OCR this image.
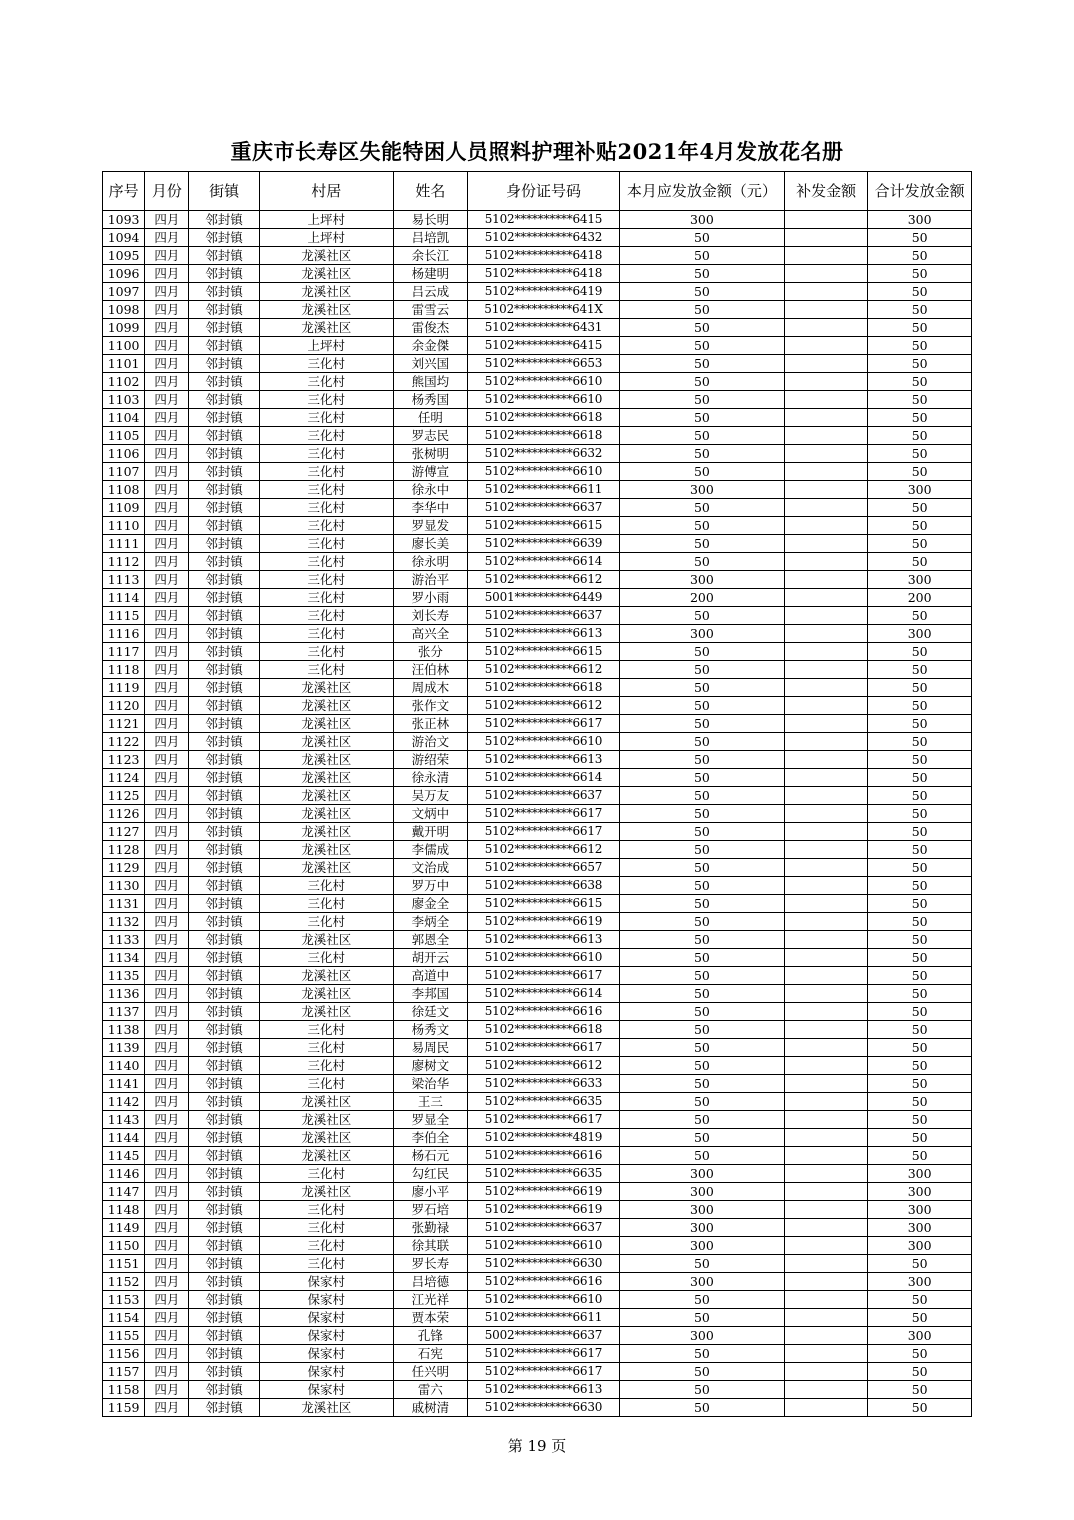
重庆市长寿区失能特困人员照料护理补贴2021年4月发放花名册
序号	月份	街镇	村居	姓名	身份证号码	本月应发放金额（元）	补发金额	合计发放金额
1093	四月	邻封镇	上坪村	易长明	5102**********6415	300		300
1094	四月	邻封镇	上坪村	吕培凯	5102**********6432	50		50
1095	四月	邻封镇	龙溪社区	余长江	5102**********6418	50		50
1096	四月	邻封镇	龙溪社区	杨建明	5102**********6418	50		50
1097	四月	邻封镇	龙溪社区	吕云成	5102**********6419	50		50
1098	四月	邻封镇	龙溪社区	雷雪云	5102**********641X	50		50
1099	四月	邻封镇	龙溪社区	雷俊杰	5102**********6431	50		50
1100	四月	邻封镇	上坪村	余金傑	5102**********6415	50		50
1101	四月	邻封镇	三化村	刘兴国	5102**********6653	50		50
1102	四月	邻封镇	三化村	熊国均	5102**********6610	50		50
1103	四月	邻封镇	三化村	杨秀国	5102**********6610	50		50
1104	四月	邻封镇	三化村	任明	5102**********6618	50		50
1105	四月	邻封镇	三化村	罗志民	5102**********6618	50		50
1106	四月	邻封镇	三化村	张树明	5102**********6632	50		50
1107	四月	邻封镇	三化村	游傅宣	5102**********6610	50		50
1108	四月	邻封镇	三化村	徐永中	5102**********6611	300		300
1109	四月	邻封镇	三化村	李华中	5102**********6637	50		50
1110	四月	邻封镇	三化村	罗显发	5102**********6615	50		50
1111	四月	邻封镇	三化村	廖长美	5102**********6639	50		50
1112	四月	邻封镇	三化村	徐永明	5102**********6614	50		50
1113	四月	邻封镇	三化村	游治平	5102**********6612	300		300
1114	四月	邻封镇	三化村	罗小雨	5001**********6449	200		200
1115	四月	邻封镇	三化村	刘长寿	5102**********6637	50		50
1116	四月	邻封镇	三化村	高兴全	5102**********6613	300		300
1117	四月	邻封镇	三化村	张分	5102**********6615	50		50
1118	四月	邻封镇	三化村	汪伯林	5102**********6612	50		50
1119	四月	邻封镇	龙溪社区	周成木	5102**********6618	50		50
1120	四月	邻封镇	龙溪社区	张作文	5102**********6612	50		50
1121	四月	邻封镇	龙溪社区	张正林	5102**********6617	50		50
1122	四月	邻封镇	龙溪社区	游治文	5102**********6610	50		50
1123	四月	邻封镇	龙溪社区	游绍荣	5102**********6613	50		50
1124	四月	邻封镇	龙溪社区	徐永清	5102**********6614	50		50
1125	四月	邻封镇	龙溪社区	吴万友	5102**********6637	50		50
1126	四月	邻封镇	龙溪社区	文炳中	5102**********6617	50		50
1127	四月	邻封镇	龙溪社区	戴开明	5102**********6617	50		50
1128	四月	邻封镇	龙溪社区	李儒成	5102**********6612	50		50
1129	四月	邻封镇	龙溪社区	文治成	5102**********6657	50		50
1130	四月	邻封镇	三化村	罗万中	5102**********6638	50		50
1131	四月	邻封镇	三化村	廖金全	5102**********6615	50		50
1132	四月	邻封镇	三化村	李炳全	5102**********6619	50		50
1133	四月	邻封镇	龙溪社区	郭恩全	5102**********6613	50		50
1134	四月	邻封镇	三化村	胡开云	5102**********6610	50		50
1135	四月	邻封镇	龙溪社区	高道中	5102**********6617	50		50
1136	四月	邻封镇	龙溪社区	李邦国	5102**********6614	50		50
1137	四月	邻封镇	龙溪社区	徐廷文	5102**********6616	50		50
1138	四月	邻封镇	三化村	杨秀文	5102**********6618	50		50
1139	四月	邻封镇	三化村	易周民	5102**********6617	50		50
1140	四月	邻封镇	三化村	廖树文	5102**********6612	50		50
1141	四月	邻封镇	三化村	梁治华	5102**********6633	50		50
1142	四月	邻封镇	龙溪社区	王三	5102**********6635	50		50
1143	四月	邻封镇	龙溪社区	罗显全	5102**********6617	50		50
1144	四月	邻封镇	龙溪社区	李伯全	5102**********4819	50		50
1145	四月	邻封镇	龙溪社区	杨石元	5102**********6616	50		50
1146	四月	邻封镇	三化村	勾红民	5102**********6635	300		300
1147	四月	邻封镇	龙溪社区	廖小平	5102**********6619	300		300
1148	四月	邻封镇	三化村	罗石培	5102**********6619	300		300
1149	四月	邻封镇	三化村	张勤禄	5102**********6637	300		300
1150	四月	邻封镇	三化村	徐其联	5102**********6610	300		300
1151	四月	邻封镇	三化村	罗长寿	5102**********6630	50		50
1152	四月	邻封镇	保家村	吕培德	5102**********6616	300		300
1153	四月	邻封镇	保家村	江光祥	5102**********6610	50		50
1154	四月	邻封镇	保家村	贾本荣	5102**********6611	50		50
1155	四月	邻封镇	保家村	孔锋	5002**********6637	300		300
1156	四月	邻封镇	保家村	石宪	5102**********6617	50		50
1157	四月	邻封镇	保家村	任兴明	5102**********6617	50		50
1158	四月	邻封镇	保家村	雷六	5102**********6613	50		50
1159	四月	邻封镇	龙溪社区	戚树清	5102**********6630	50		50
第 19 页
